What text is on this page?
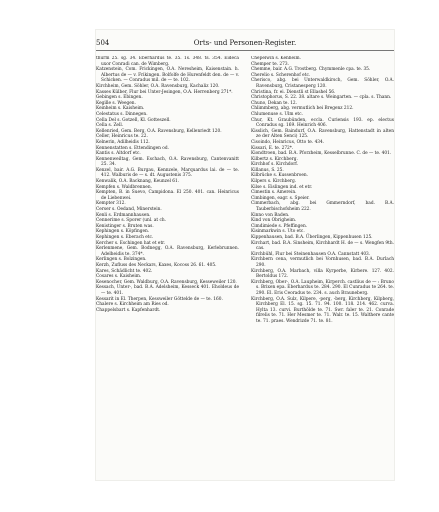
504	Orts- und Personen-Register.

thurm 25. sg. 34. Eberhardus te. 35. 1s. 348. ts. 354. Eideca uxor Conradi can. de Wimberg.

Katzenstein, Com. Frickingen, O.A. Neresheim, Kaisenstain. h. Albertus de — v. Frikingen. Bolfolfe de Hurenfeldt den. de — v. Schicken. — Conradus mil. de — te. 102.

Kirchheim, Gem. Söhler, O.A. Ravensburg, Kachaliz 120.

Kasses Külber, Flur bei Unter-Jesingen, O.A. Herrenberg 271*.

Gebingen s. Ebingen.

Kegille s. Weegen.

Keinheim s. Kaisheim.

Celestatus s. Dinnegen.

Cella Del s. Gotzell, Kl. Gotteszell.

Cella s. Zell.

Kellenried, Gem. Berg, O.A. Ravensburg, Kellenriedt 120.

Celler, Heinricus te. 22.

Kelnerin, Adilheidis 112.

Kennenstatten s. Ettendingen od.

Kantis s. Altdorf etc.

Kennenweiltag, Gem. Eschach, O.A. Ravensburg, Cantenvanitt 25. 34.

Kenzel, bair. A.G. Burgau, Kennzele, Marquardus lai. de — te. 412. Walburis de — s. dt. Augustenis 375.

Kenwalik, O.A. Backnang, Keunzel 61.

Kempfen s. Waldbrennen.

Kempten, B. in Suevo, Campidona. El 250. 401. can. Heinricus de Liebenwei.

Kempter 312.

Cerser s. Oedand, Minerstein.

Kenli s. Erdmannhausen.

Cennerime s. Sporer (unl. at ch.

Kenistinger s. Bruten was.

Kephingen s. Köpfingen.

Kephingen s. Eberach etc.

Kercher s. Eschingen hat et etr.

Kerlenmene, Gem. Bodnegg, O.A. Ravensburg, Kerlebrunnen. Adelheidis te. 374*.

Kerlingen s. Bolzingen.

Kerzh, Zufluss des Neckars, Kaxes, Kocoss 26. 61. 405.

Kares, Schädlicht te. 402.

Cosares s. Kaisheim.

Kesenocher, Gem. Waldburg, O.A. Ravensburg, Kesseweiler 120.

Kessach, Unter-, bad. B.A. Adelsheim, Kesseck 401. Eholdeus de — te. 401.

Kessarit in El. Therpen, Kessweiler Göttelde de — te. 160.

Chalere s. Kirchheim am Ries od.

Chappelsbart s. Kapfenhardt.

Chepelwin s. Kenheim.

Chemper te. 273.

Chemme, bair. A.G. Trostberg. Chymmenle cpa. te. 35.

Cherelio s. Scherenhof etc.

Cherisco, abg. bei Unterwaldkirsch, Gem. Söhler, O.A. Ravensburg, Cristanesperg 120.

Christina, fr. ei. Dienstli st Ellashel 56.

Christophorus, S. 22. 38. altare s. Weingarten. — cpla. s. Thann.

Chuno, Dekan te. 12.

Chlimmberg, abg. vermutlich bei Bregenz 212.

Chlumenuse s. Ulm etc.

Chur, Kt. Graubünden, eccla. Curiensis 193. ep. electus Conradus sg. 169. Heinrich 406.

Kisslich, Gem. Baindurf, O.A. Ravensburg, Hattenstadt in alten ze der Alten Senci) 125.

Cisoindo, Heinricus, Otto te. 434.

Kissari, E. te. 272*.

Kiondtroen, bad. B.A. Pforzheim, Kesselbrunne. C. de — te. 401.

Kilbertz s. Kirchberg.

Kirchhof s. Kirchdorf.

Killanus, S. 25.

Kilbrücke s. Kussenbroen.

Kilpers s. Kirchberg.

Kilse s. Eislingen ind. et etr.

Cimestin s. Amerein.

Cimbingen, eagr. s. Speier.

Cimmerbach, abg. bei Gmmerndorf, bad. B.A. Tauberbischofsheim 222.

Kinno von Baden.

Kind von Obrigheim.

Cimdimiede s. Pfeffingen.

Kisinmarkwin s. Uto etc.

Kippenhausen, bad. B.A. Überlingen, Kippenhusen 125.

Kirchart, bad. B.A. Sinsheim, Kirchhardt H. de — s. Wengfen 9th. cas.

Kirchbühl, Flur bei Steinenhausen O.A. Cannstatt 403.

Kirchbern cena, vermutlich bei Vornhusen, bad. B.A. Durlach 290.

Kirchberg, O.A. Marbach, villa Kyrperbe, Kirbere. 127. 402. Bertoldus 172.

Kirchberg, Ober-, O.A. Laupheim, Kirperch. castlius de — : Bruno s. Brixen epa. Eberhardus te. 284. 290. El Cunradus te 264. te. 290. El. Eris Ceoradus te. 234. s. auch Brauneberg.

Kirchberg, O.A. Sulz, Kilpere, -perg, -berg, Kirchberg, Kilpberg, Kirchberg El. 15. sg. 15. 71. 94. 100. 118. 214. 462. curva. Hylta 13. curvi. Burthölde te. 71. Swr. faler te. 21. Conrade filrelis te. 71. Her Mesmer te. 71. Walr. te. 15. Walthere cante te. 71. praes. Wendrizde 71. te. 81.
